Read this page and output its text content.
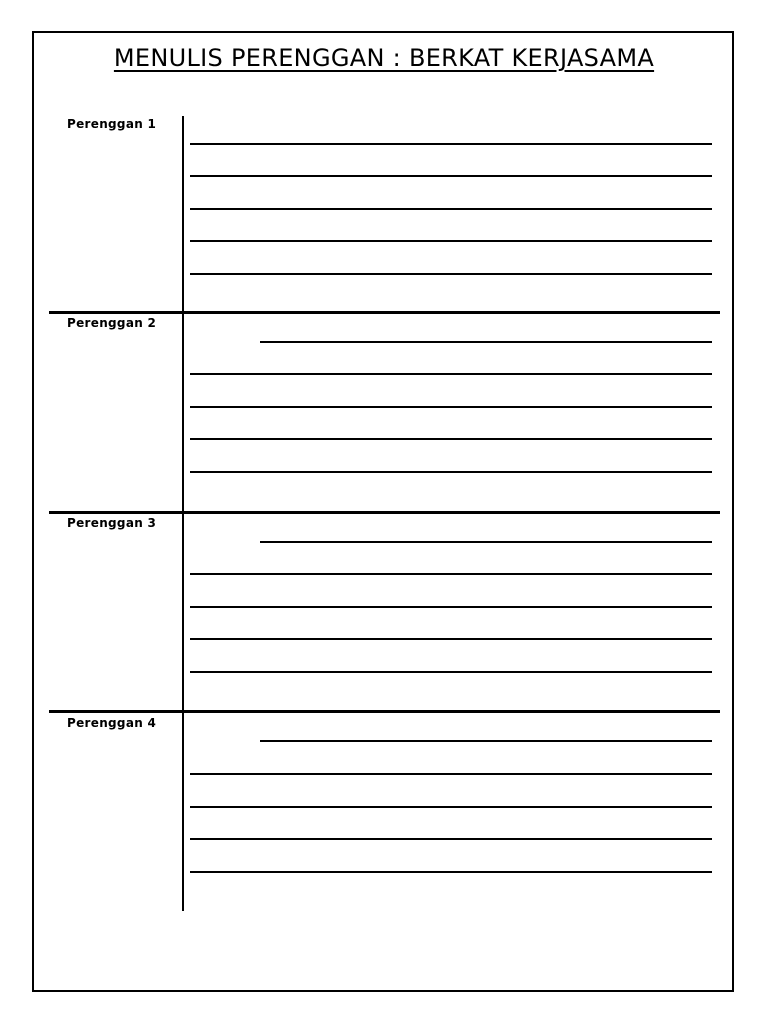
MENULIS PERENGGAN : BERKAT KERJASAMA
Perenggan 1
Perenggan 2
Perenggan 3
Perenggan 4
